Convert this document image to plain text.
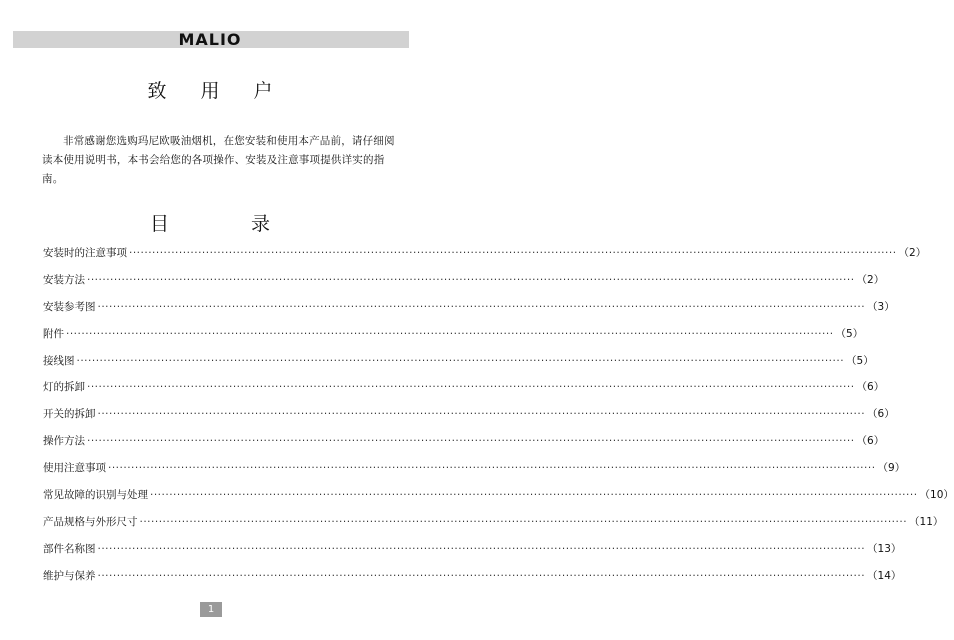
MALIO
致 用 户

非常感谢您选购玛尼欧吸油烟机，在您安装和使用本产品前，请仔细阅读本使用说明书，本书会给您的各项操作、安装及注意事项提供详实的指南。

目 录
安装时的注意事项 ········································································································································································································ （2）
安装方法 ········································································································································································································ （2）
安装参考图 ········································································································································································································ （3）
附件 ········································································································································································································ （5）
接线图 ········································································································································································································ （5）
灯的拆卸 ········································································································································································································ （6）
开关的拆卸 ········································································································································································································ （6）
操作方法 ········································································································································································································ （6）
使用注意事项 ········································································································································································································ （9）
常见故障的识别与处理 ········································································································································································································ （10）
产品规格与外形尺寸 ········································································································································································································ （11）
部件名称图 ········································································································································································································ （13）
维护与保养 ········································································································································································································ （14）
1
